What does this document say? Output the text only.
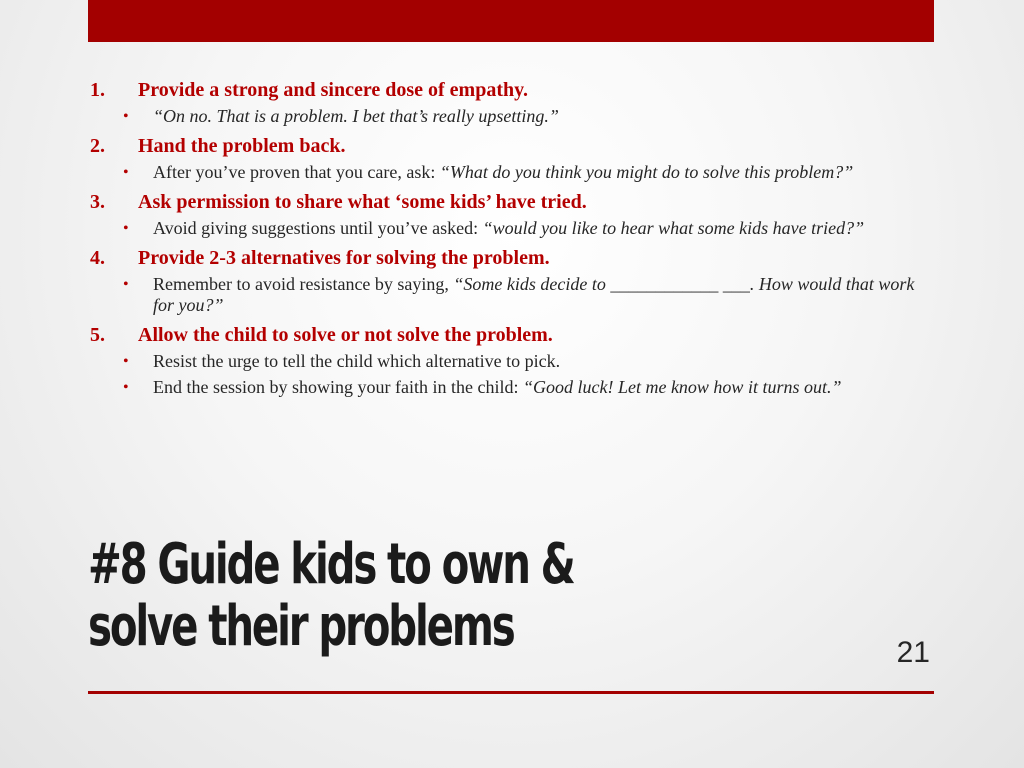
1.	Provide a strong and sincere dose of empathy.
•	“On no. That is a problem. I bet that’s really upsetting.”
2.	Hand the problem back.
•	After you’ve proven that you care, ask: “What do you think you might do to solve this problem?”
3.	Ask permission to share what ‘some kids’ have tried.
•	Avoid giving suggestions until you’ve asked: “would you like to hear what some kids have tried?”
4.	Provide 2-3 alternatives for solving the problem.
•	Remember to avoid resistance by saying, “Some kids decide to ____________ ___. How would that work for you?”
5.	Allow the child to solve or not solve the problem.
•	Resist the urge to tell the child which alternative to pick.
•	End the session by showing your faith in the child: “Good luck! Let me know how it turns out.”
#8 Guide kids to own &
solve their problems	21
